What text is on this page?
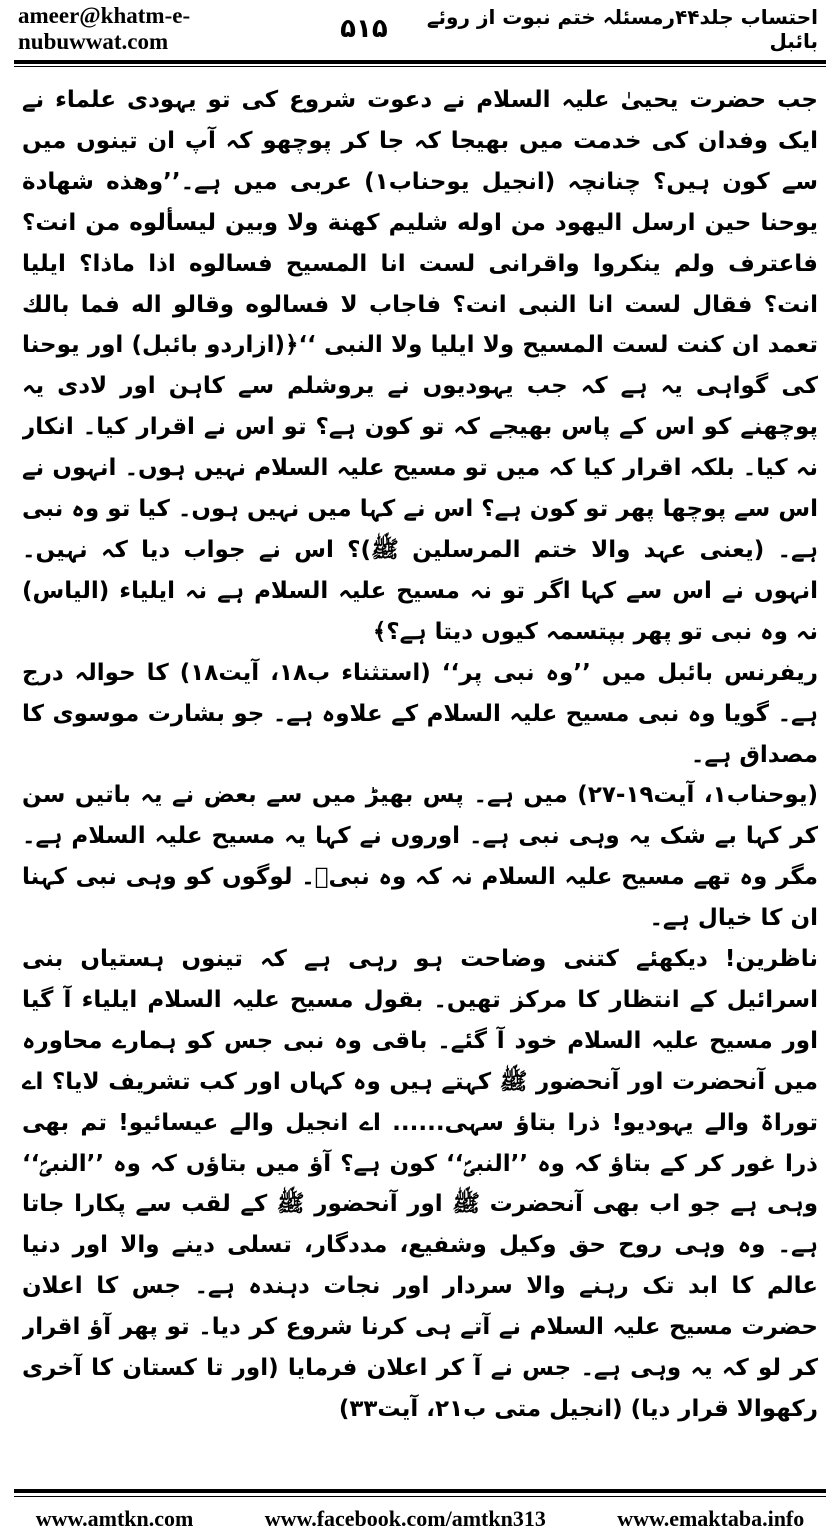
ameer@khatm-e-nubuwwat.com	۵۱۵	احتساب جلد۴۴رمسئلہ ختم نبوت از روئے بائبل

جب حضرت یحییٰ علیہ السلام نے دعوت شروع کی تو یہودی علماء نے ایک وفدان کی خدمت میں بھیجا کہ جا کر پوچھو کہ آپ ان تینوں میں سے کون ہیں؟ چنانچہ (انجیل یوحناب۱) عربی میں ہے۔’’وهذه شهادة يوحنا حين ارسل اليهود من اوله شليم كهنة ولا وبين ليسألوه من انت؟ فاعترف ولم ينكروا واقرانى لست انا المسيح فسالوه اذا ماذا؟ ايليا انت؟ فقال لست انا النبى انت؟ فاجاب لا فسالوه وقالو اله فما بالك تعمد ان كنت لست المسيح ولا ايليا ولا النبى ‘‘﴿(ازاردو بائبل) اور یوحنا کی گواہی یہ ہے کہ جب یہودیوں نے یروشلم سے کاہن اور لادی یہ پوچھنے کو اس کے پاس بھیجے کہ تو کون ہے؟ تو اس نے اقرار کیا۔ انکار نہ کیا۔ بلکہ اقرار کیا کہ میں تو مسیح علیہ السلام نہیں ہوں۔ انہوں نے اس سے پوچھا پھر تو کون ہے؟ اس نے کہا میں نہیں ہوں۔ کیا تو وہ نبی ہے۔ (یعنی عہد والا ختم المرسلین ﷺ)؟ اس نے جواب دیا کہ نہیں۔ انہوں نے اس سے کہا اگر تو نہ مسیح علیہ السلام ہے نہ ایلیاء (الیاس) نہ وہ نبی تو پھر بپتسمہ کیوں دیتا ہے؟﴾

ریفرنس بائبل میں ’’وہ نبی پر‘‘ (استثناء ب۱۸، آیت۱۸) کا حوالہ درج ہے۔ گویا وہ نبی مسیح علیہ السلام کے علاوہ ہے۔ جو بشارت موسوی کا مصداق ہے۔

(یوحناب۱، آیت۱۹-۲۷) میں ہے۔ پس بھیڑ میں سے بعض نے یہ باتیں سن کر کہا بے شک یہ وہی نبی ہے۔ اوروں نے کہا یہ مسیح علیہ السلام ہے۔ مگر وہ تھے مسیح علیہ السلام نہ کہ وہ نبیؐ۔ لوگوں کو وہی نبی کہنا ان کا خیال ہے۔

ناظرین! دیکھئے کتنی وضاحت ہو رہی ہے کہ تینوں ہستیاں بنی اسرائیل کے انتظار کا مرکز تھیں۔ بقول مسیح علیہ السلام ایلیاء آ گیا اور مسیح علیہ السلام خود آ گئے۔ باقی وہ نبی جس کو ہمارے محاورہ میں آنحضرت اور آنحضور ﷺ کہتے ہیں وہ کہاں اور کب تشریف لایا؟ اے توراۃ والے یہودیو! ذرا بتاؤ سہی...... اے انجیل والے عیسائیو! تم بھی ذرا غور کر کے بتاؤ کہ وہ ’’النبیؐ‘‘ کون ہے؟ آؤ میں بتاؤں کہ وہ ’’النبیؐ‘‘ وہی ہے جو اب بھی آنحضرت ﷺ اور آنحضور ﷺ کے لقب سے پکارا جاتا ہے۔ وہ وہی روح حق وکیل وشفیع، مددگار، تسلی دینے والا اور دنیا عالم کا ابد تک رہنے والا سردار اور نجات دہندہ ہے۔ جس کا اعلان حضرت مسیح علیہ السلام نے آتے ہی کرنا شروع کر دیا۔ تو پھر آؤ اقرار کر لو کہ یہ وہی ہے۔ جس نے آ کر اعلان فرمایا (اور تا کستان کا آخری رکھوالا قرار دیا) (انجیل متی ب۲۱، آیت۳۳)

www.amtkn.com	www.facebook.com/amtkn313	www.emaktaba.info
